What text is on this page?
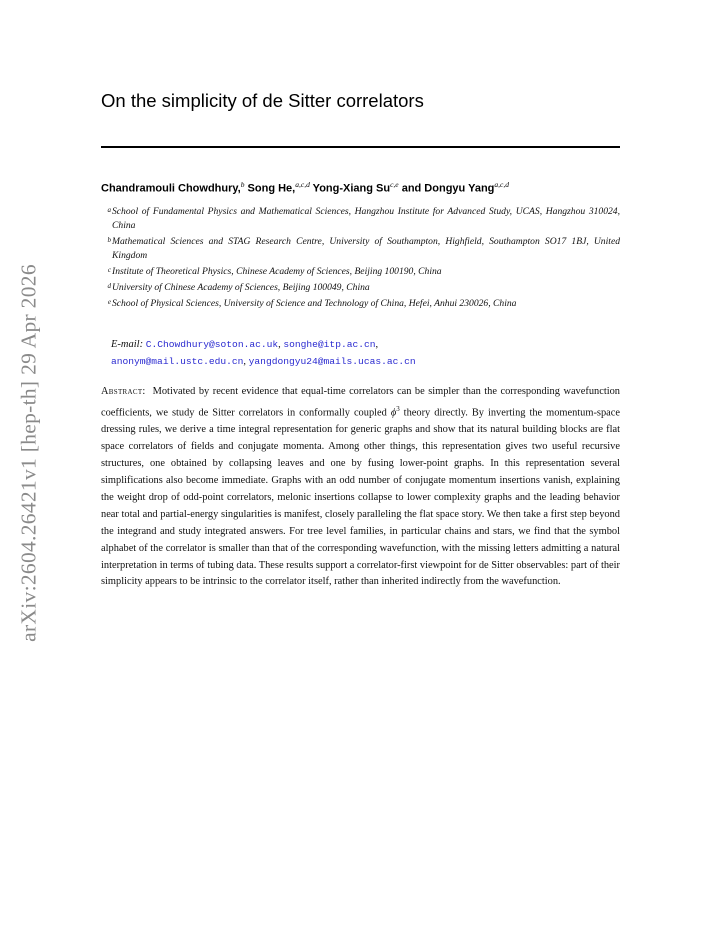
arXiv:2604.26421v1 [hep-th] 29 Apr 2026
On the simplicity of de Sitter correlators
Chandramouli Chowdhury,$^b$ Song He,$^{a,c,d}$ Yong-Xiang Su$^{c,e}$ and Dongyu Yang$^{a,c,d}$
a School of Fundamental Physics and Mathematical Sciences, Hangzhou Institute for Advanced Study, UCAS, Hangzhou 310024, China
b Mathematical Sciences and STAG Research Centre, University of Southampton, Highfield, Southampton SO17 1BJ, United Kingdom
c Institute of Theoretical Physics, Chinese Academy of Sciences, Beijing 100190, China
d University of Chinese Academy of Sciences, Beijing 100049, China
e School of Physical Sciences, University of Science and Technology of China, Hefei, Anhui 230026, China
E-mail: C.Chowdhury@soton.ac.uk, songhe@itp.ac.cn,
anonym@mail.ustc.edu.cn, yangdongyu24@mails.ucas.ac.cn
Abstract: Motivated by recent evidence that equal-time correlators can be simpler than the corresponding wavefunction coefficients, we study de Sitter correlators in conformally coupled $\phi^3$ theory directly. By inverting the momentum-space dressing rules, we derive a time integral representation for generic graphs and show that its natural building blocks are flat space correlators of fields and conjugate momenta. Among other things, this representation gives two useful recursive structures, one obtained by collapsing leaves and one by fusing lower-point graphs. In this representation several simplifications also become immediate. Graphs with an odd number of conjugate momentum insertions vanish, explaining the weight drop of odd-point correlators, melonic insertions collapse to lower complexity graphs and the leading behavior near total and partial-energy singularities is manifest, closely paralleling the flat space story. We then take a first step beyond the integrand and study integrated answers. For tree level families, in particular chains and stars, we find that the symbol alphabet of the correlator is smaller than that of the corresponding wavefunction, with the missing letters admitting a natural interpretation in terms of tubing data. These results support a correlator-first viewpoint for de Sitter observables: part of their simplicity appears to be intrinsic to the correlator itself, rather than inherited indirectly from the wavefunction.
